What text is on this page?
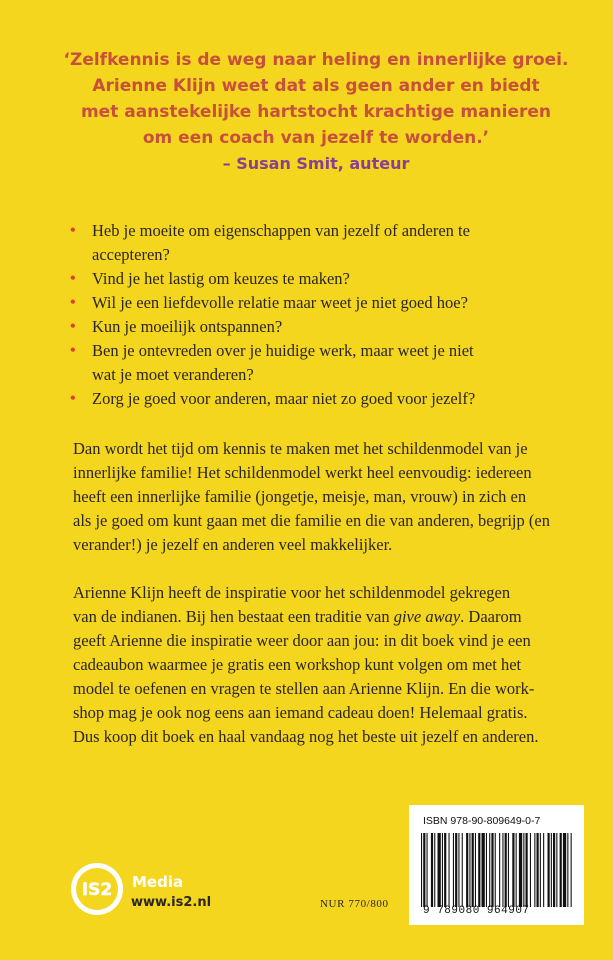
‘Zelfkennis is de weg naar heling en innerlijke groei.
Arienne Klijn weet dat als geen ander en biedt
met aanstekelijke hartstocht krachtige manieren
om een coach van jezelf te worden.’
– Susan Smit, auteur
• Heb je moeite om eigenschappen van jezelf of anderen te
accepteren?
• Vind je het lastig om keuzes te maken?
• Wil je een liefdevolle relatie maar weet je niet goed hoe?
• Kun je moeilijk ontspannen?
• Ben je ontevreden over je huidige werk, maar weet je niet
wat je moet veranderen?
• Zorg je goed voor anderen, maar niet zo goed voor jezelf?

Dan wordt het tijd om kennis te maken met het schildenmodel van je
innerlijke familie! Het schildenmodel werkt heel eenvoudig: iedereen
heeft een innerlijke familie (jongetje, meisje, man, vrouw) in zich en
als je goed om kunt gaan met die familie en die van anderen, begrijp (en
verander!) je jezelf en anderen veel makkelijker.

Arienne Klijn heeft de inspiratie voor het schildenmodel gekregen
van de indianen. Bij hen bestaat een traditie van give away. Daarom
geeft Arienne die inspiratie weer door aan jou: in dit boek vind je een
cadeaubon waarmee je gratis een workshop kunt volgen om met het
model te oefenen en vragen te stellen aan Arienne Klijn. En die work-
shop mag je ook nog eens aan iemand cadeau doen! Helemaal gratis.
Dus koop dit boek en haal vandaag nog het beste uit jezelf en anderen.

IS2 Media
www.is2.nl	NUR 770/800
ISBN 978-90-809649-0-7
9 789080 964907
